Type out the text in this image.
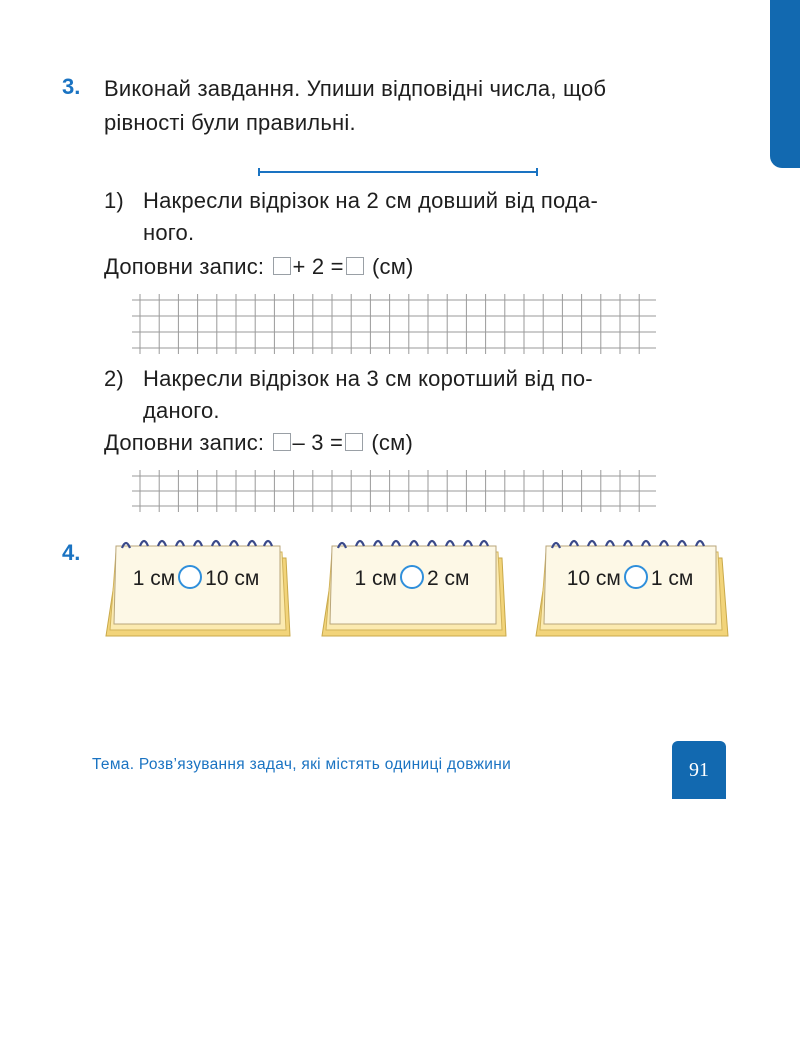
3. Виконай завдання. Упиши відповідні числа, щоб
рівності були правильні.
1) Накресли відрізок на 2 см довший від пода-
ного.
Доповни запис: + 2 = (см)
2) Накресли відрізок на 3 см коротший від по-
даного.
Доповни запис: – 3 = (см)
4.
1 см 10 см	1 см 2 см	10 см 1 см
Тема. Розв’язування задач, які містять одиниці довжини	91
